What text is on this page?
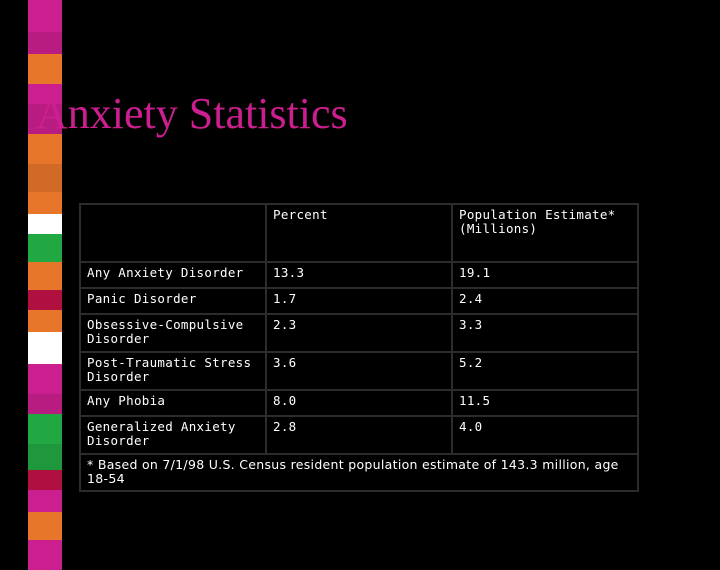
Anxiety Statistics
	Percent	Population Estimate* (Millions)
Any Anxiety Disorder	13.3	19.1
Panic Disorder	1.7	2.4
Obsessive-Compulsive Disorder	2.3	3.3
Post-Traumatic Stress Disorder	3.6	5.2
Any Phobia	8.0	11.5
Generalized Anxiety Disorder	2.8	4.0
* Based on 7/1/98 U.S. Census resident population estimate of 143.3 million, age 18-54		
